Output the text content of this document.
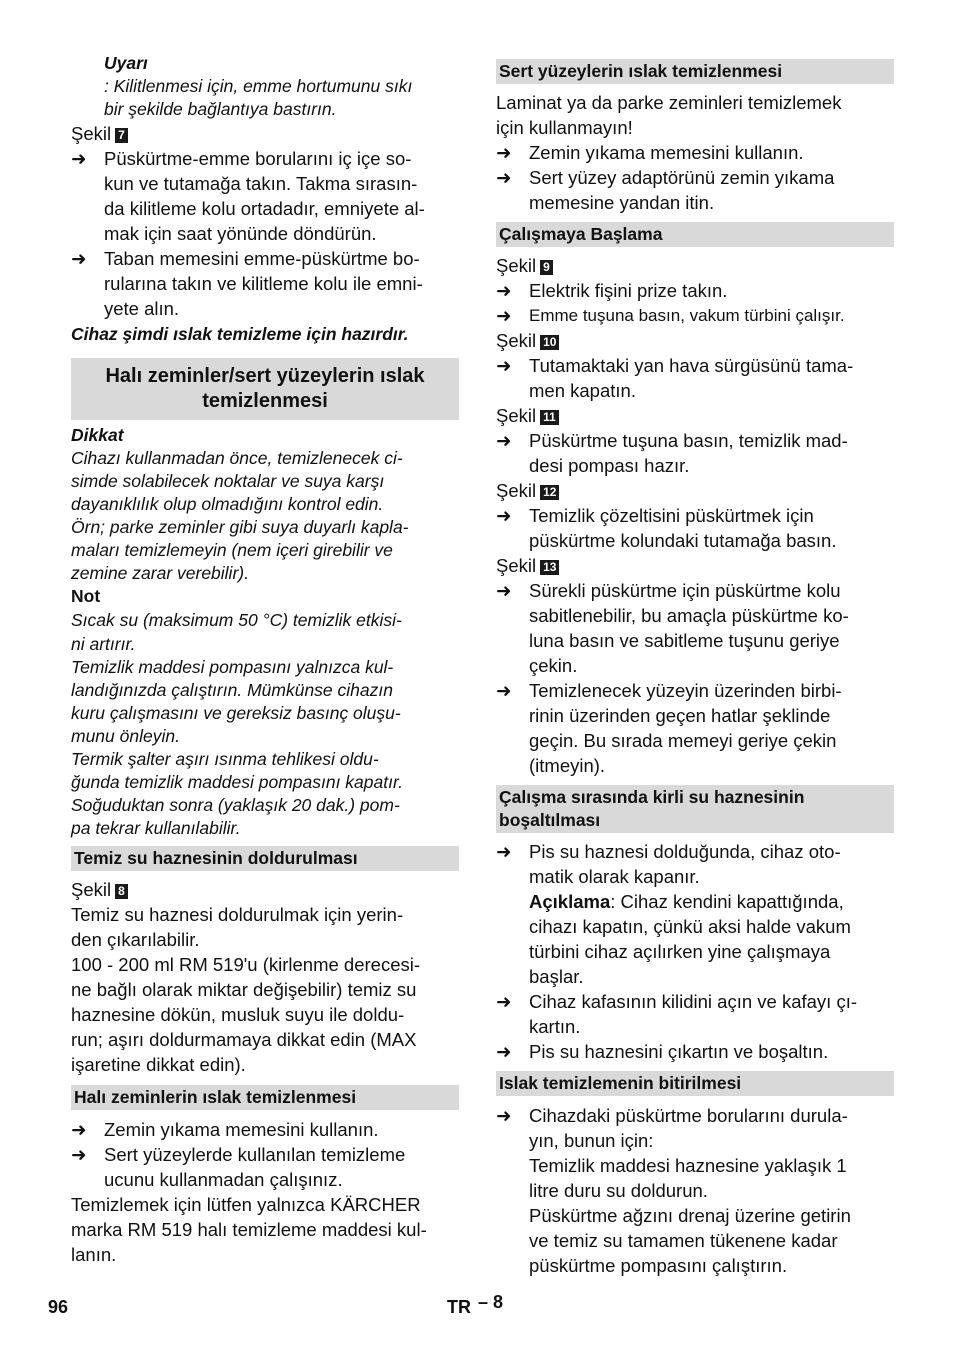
Uyarı

: Kilitlenmesi için, emme hortumunu sıkı
bir şekilde bağlantıya bastırın.

Şekil 7

➜ Püskürtme-emme borularını iç içe so-
kun ve tutamağa takın. Takma sırasın-
da kilitleme kolu ortadadır, emniyete al-
mak için saat yönünde döndürün.
➜ Taban memesini emme-püskürtme bo-
rularına takın ve kilitleme kolu ile emni-
yete alın.

Cihaz şimdi ıslak temizleme için hazırdır.

Halı zeminler/sert yüzeylerin ıslak
temizlenmesi

Dikkat

Cihazı kullanmadan önce, temizlenecek ci-
simde solabilecek noktalar ve suya karşı
dayanıklılık olup olmadığını kontrol edin.
Örn; parke zeminler gibi suya duyarlı kapla-
maları temizlemeyin (nem içeri girebilir ve
zemine zarar verebilir).

Not

Sıcak su (maksimum 50 °C) temizlik etkisi-
ni artırır.

Temizlik maddesi pompasını yalnızca kul-
landığınızda çalıştırın. Mümkünse cihazın
kuru çalışmasını ve gereksiz basınç oluşu-
munu önleyin.
Termik şalter aşırı ısınma tehlikesi oldu-
ğunda temizlik maddesi pompasını kapatır.
Soğuduktan sonra (yaklaşık 20 dak.) pom-
pa tekrar kullanılabilir.

Temiz su haznesinin doldurulması

Şekil 8

Temiz su haznesi doldurulmak için yerin-
den çıkarılabilir.
100 - 200 ml RM 519'u (kirlenme derecesi-
ne bağlı olarak miktar değişebilir) temiz su
haznesine dökün, musluk suyu ile doldu-
run; aşırı doldurmamaya dikkat edin (MAX
işaretine dikkat edin).

Halı zeminlerin ıslak temizlenmesi

➜ Zemin yıkama memesini kullanın.
➜ Sert yüzeylerde kullanılan temizleme
ucunu kullanmadan çalışınız.

Temizlemek için lütfen yalnızca KÄRCHER
marka RM 519 halı temizleme maddesi kul-
lanın.

Sert yüzeylerin ıslak temizlenmesi

Laminat ya da parke zeminleri temizlemek
için kullanmayın!

➜ Zemin yıkama memesini kullanın.
➜ Sert yüzey adaptörünü zemin yıkama
memesine yandan itin.

Çalışmaya Başlama

Şekil 9

➜ Elektrik fişini prize takın.
➜	Emme tuşuna basın, vakum türbini çalışır.

Şekil 10

➜ Tutamaktaki yan hava sürgüsünü tama-
men kapatın.

Şekil 11

➜ Püskürtme tuşuna basın, temizlik mad-
desi pompası hazır.

Şekil 12

➜ Temizlik çözeltisini püskürtmek için
püskürtme kolundaki tutamağa basın.

Şekil 13

➜ Sürekli püskürtme için püskürtme kolu
sabitlenebilir, bu amaçla püskürtme ko-
luna basın ve sabitleme tuşunu geriye
çekin.
➜ Temizlenecek yüzeyin üzerinden birbi-
rinin üzerinden geçen hatlar şeklinde
geçin. Bu sırada memeyi geriye çekin
(itmeyin).

Çalışma sırasında kirli su haznesinin
boşaltılması

➜ Pis su haznesi dolduğunda, cihaz oto-
matik olarak kapanır.
Açıklama: Cihaz kendini kapattığında,
cihazı kapatın, çünkü aksi halde vakum
türbini cihaz açılırken yine çalışmaya
başlar.
➜ Cihaz kafasının kilidini açın ve kafayı çı-
kartın.
➜ Pis su haznesini çıkartın ve boşaltın.

Islak temizlemenin bitirilmesi

➜ Cihazdaki püskürtme borularını durula-
yın, bunun için:
Temizlik maddesi haznesine yaklaşık 1
litre duru su doldurun.
Püskürtme ağzını drenaj üzerine getirin
ve temiz su tamamen tükenene kadar
püskürtme pompasını çalıştırın.
96	TR – 8
